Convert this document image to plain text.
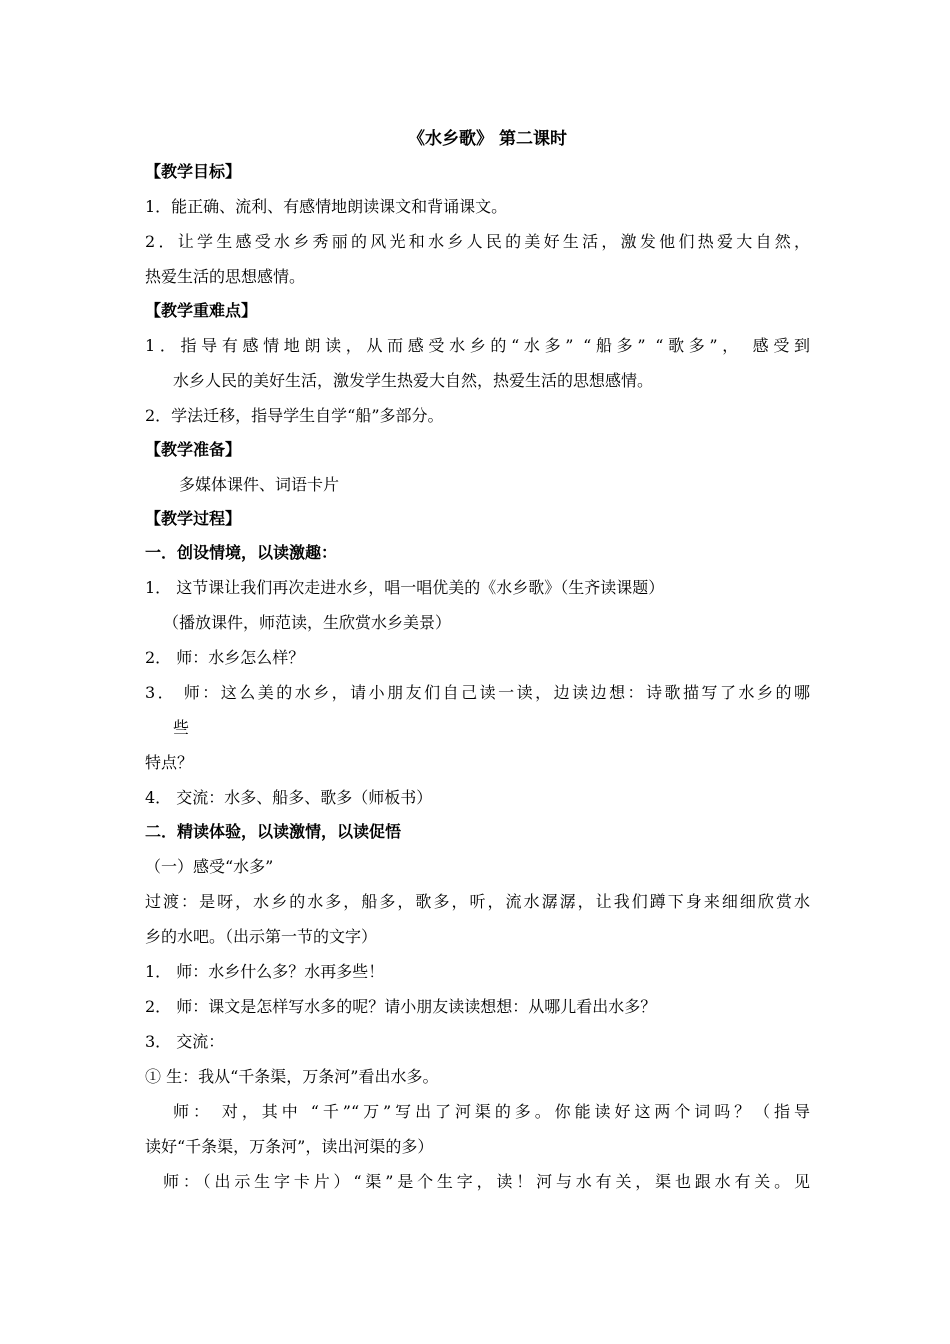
《水乡歌》 第二课时
【教学目标】
1．能正确、流利、有感情地朗读课文和背诵课文。
2．让学生感受水乡秀丽的风光和水乡人民的美好生活，激发他们热爱大自然，
热爱生活的思想感情。
【教学重难点】
1．指导有感情地朗读，从而感受水乡的“水多” “船多” “歌多”， 感受到
水乡人民的美好生活，激发学生热爱大自然，热爱生活的思想感情。
2．学法迁移，指导学生自学“船”多部分。
【教学准备】
多媒体课件、词语卡片
【教学过程】
一．创设情境，以读激趣：
1． 这节课让我们再次走进水乡，唱一唱优美的《水乡歌》（生齐读课题）
（播放课件，师范读，生欣赏水乡美景）
2． 师：水乡怎么样？
3． 师：这么美的水乡，请小朋友们自己读一读，边读边想：诗歌描写了水乡的哪
些
特点？
4． 交流：水多、船多、歌多（师板书）
二．精读体验，以读激情，以读促悟
（一）感受“水多”
过渡：是呀，水乡的水多，船多，歌多，听，流水潺潺，让我们蹲下身来细细欣赏水
乡的水吧。（出示第一节的文字）
1． 师：水乡什么多？水再多些！
2． 师：课文是怎样写水多的呢？请小朋友读读想想：从哪儿看出水多？
3． 交流：
① 生：我从“千条渠，万条河”看出水多。
师： 对，其中 “千”“万”写出了河渠的多。你能读好这两个词吗？（指导
读好“千条渠，万条河”，读出河渠的多）
师：（出示生字卡片）“渠”是个生字，读！河与水有关，渠也跟水有关。见
